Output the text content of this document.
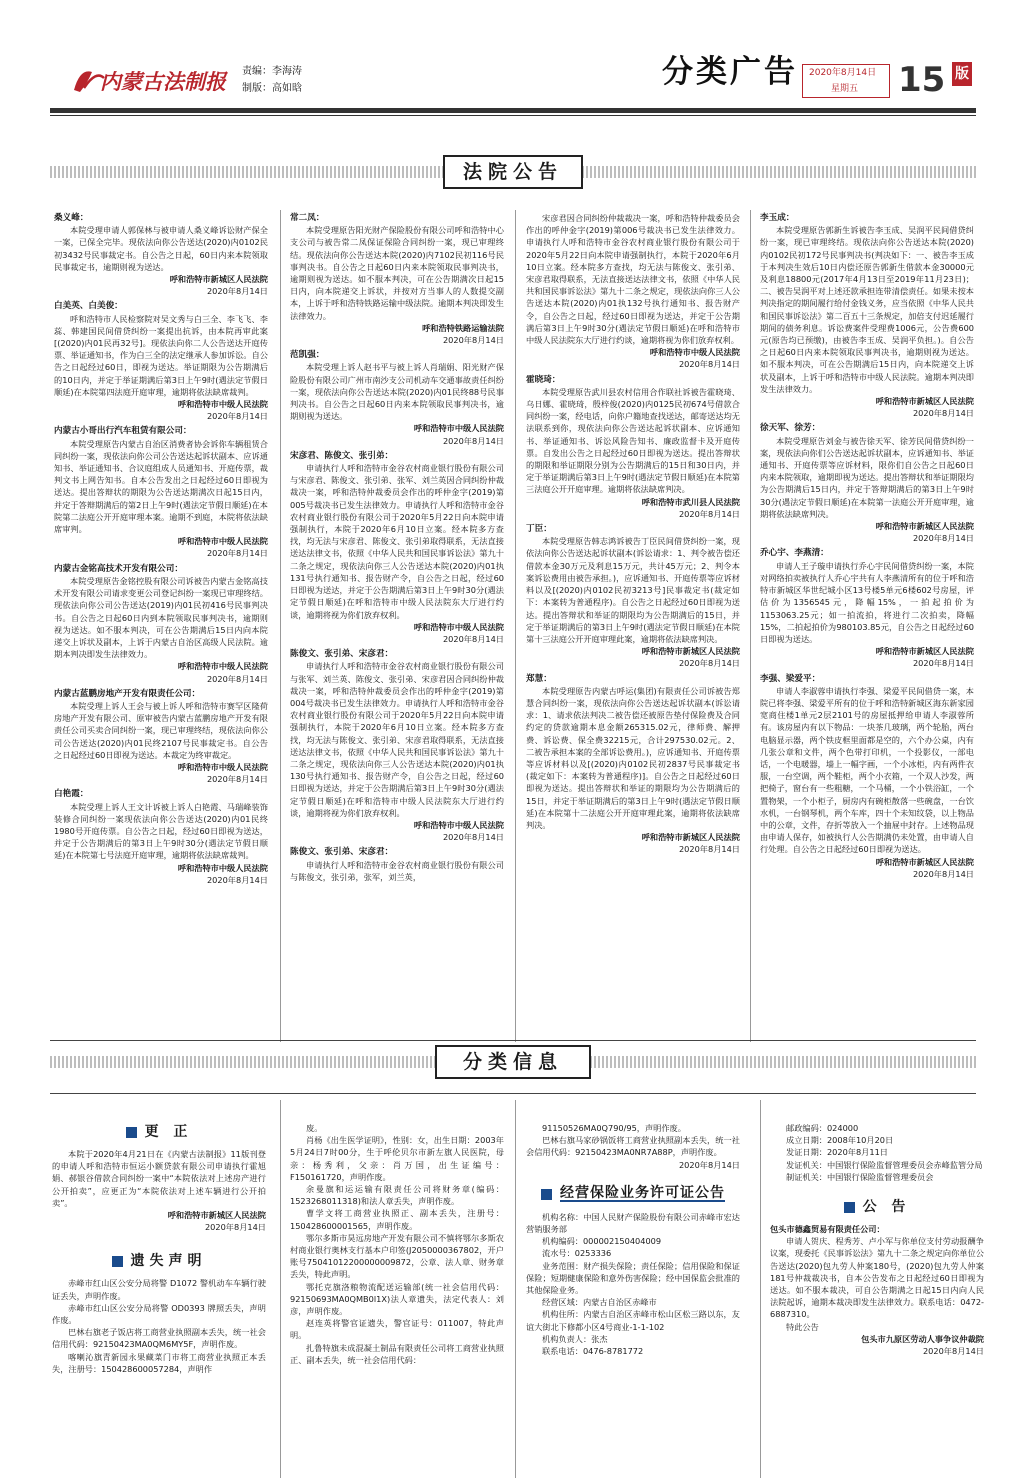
内蒙古法制报 责编：李海涛
制版：高如晗	分类广告 2020年8月14日
星期五 15 版
法院公告
桑义峰：
本院受理申请人郭保林与被申请人桑义峰诉讼财产保全一案，已保全完毕。现依法向你公告送达(2020)内0102民初3432号民事裁定书。自公告之日起，60日内来本院领取民事裁定书，逾期则视为送达。
呼和浩特市新城区人民法院
2020年8月14日
白美英、白美俊：
呼和浩特市人民检察院对吴文秀与白三全、李飞飞、李蕊、韩建国民间借贷纠纷一案提出抗诉，由本院再审此案[(2020)内01民再32号]。现依法向你二人公告送达开庭传票、举证通知书，作为白三全的法定继承人参加诉讼。自公告之日起经过60日，即视为送达。举证期限为公告期满后的10日内，并定于举证期满后第3日上午9时(遇法定节假日顺延)在本院第四法庭开庭审理，逾期将依法缺席裁判。
呼和浩特市中级人民法院
2020年8月14日
内蒙古小哥出行汽车租赁有限公司：
本院受理原告内蒙古自治区消费者协会诉你车辆租赁合同纠纷一案，现依法向你公司公告送达起诉状副本、应诉通知书、举证通知书、合议庭组成人员通知书、开庭传票，裁判文书上网告知书。自本公告发出之日起经过60日即视为送达。提出答辩状的期限为公告送达期满次日起15日内，并定于答辩期满后的第2日上午9时(遇法定节假日顺延)在本院第二法庭公开开庭审理本案。逾期不到庭，本院将依法缺席审判。
呼和浩特市中级人民法院
2020年8月14日
内蒙古金铭高技术开发有限公司：
本院受理原告金铭控股有限公司诉被告内蒙古金铭高技术开发有限公司请求变更公司登记纠纷一案现已审理终结。现依法向你公司公告送达(2019)内01民初416号民事判决书。自公告之日起60日内到本院领取民事判决书，逾期则视为送达。如不服本判决，可在公告期满后15日内向本院递交上诉状及副本，上诉于内蒙古自治区高级人民法院。逾期本判决即发生法律效力。
呼和浩特市中级人民法院
2020年8月14日
内蒙古蓝鹏房地产开发有限责任公司：
本院受理上诉人王会与被上诉人呼和浩特市赛罕区隆荷房地产开发有限公司、原审被告内蒙古蓝鹏房地产开发有限责任公司买卖合同纠纷一案，现已审理终结，现依法向你公司公告送达(2020)内01民终2107号民事裁定书。自公告之日起经过60日即视为送达。本裁定为终审裁定。
呼和浩特市中级人民法院
2020年8月14日
白艳霞：
本院受理上诉人王文计诉被上诉人白艳霞、马瑞峰装饰装修合同纠纷一案现依法向你公告送达(2020)内01民终1980号开庭传票。自公告之日起，经过60日即视为送达，并定于公告期满后的第3日上午9时30分(遇法定节假日顺延)在本院第七号法庭开庭审理，逾期将依法缺席裁判。
呼和浩特市中级人民法院
2020年8月14日
常二凤：
本院受理原告阳光财产保险股份有限公司呼和浩特中心支公司与被告常二凤保证保险合同纠纷一案，现已审理终结。现依法向你公告送达本院(2020)内7102民初116号民事判决书。自公告之日起60日内来本院领取民事判决书，逾期则视为送达。如不服本判决，可在公告期满次日起15日内，向本院递交上诉状，并按对方当事人的人数提交副本，上诉于呼和浩特铁路运输中级法院。逾期本判决即发生法律效力。
呼和浩特铁路运输法院
2020年8月14日
范凯强：
本院受理上诉人赵书平与被上诉人肖瑞娟、阳光财产保险股份有限公司广州市南沙支公司机动车交通事故责任纠纷一案，现依法向你公告送达本院(2020)内01民终88号民事判决书。自公告之日起60日内来本院领取民事判决书，逾期则视为送达。
呼和浩特市中级人民法院
2020年8月14日
宋彦君、陈俊文、张引弟：
申请执行人呼和浩特市金谷农村商业银行股份有限公司与宋彦君、陈俊文、张引弟、张军、刘兰英因合同纠纷仲裁裁决一案，呼和浩特仲裁委员会作出的呼仲金字(2019)第005号裁决书已发生法律效力。申请执行人呼和浩特市金谷农村商业银行股份有限公司于2020年5月22日向本院申请强制执行，本院于2020年6月10日立案。经本院多方查找，均无法与宋彦君、陈俊文、张引弟取得联系，无法直接送达法律文书，依照《中华人民共和国民事诉讼法》第九十二条之规定，现依法向你三人公告送达本院(2020)内01执131号执行通知书、报告财产令，自公告之日起，经过60日即视为送达，并定于公告期满后第3日上午9时30分(遇法定节假日顺延)在呼和浩特市中级人民法院东大厅进行约谈，逾期将视为你们放弃权利。
呼和浩特市中级人民法院
2020年8月14日
陈俊文、张引弟、宋彦君：
申请执行人呼和浩特市金谷农村商业银行股份有限公司与张军、刘兰英、陈俊文、张引弟、宋彦君因合同纠纷仲裁裁决一案，呼和浩特仲裁委员会作出的呼仲金字(2019)第004号裁决书已发生法律效力。申请执行人呼和浩特市金谷农村商业银行股份有限公司于2020年5月22日向本院申请强制执行，本院于2020年6月10日立案。经本院多方查找，均无法与陈俊文、张引弟、宋彦君取得联系，无法直接送达法律文书，依照《中华人民共和国民事诉讼法》第九十二条之规定，现依法向你三人公告送达本院(2020)内01执130号执行通知书、报告财产令，自公告之日起，经过60日即视为送达，并定于公告期满后第3日上午9时30分(遇法定节假日顺延)在呼和浩特市中级人民法院东大厅进行约谈，逾期将视为你们放弃权利。
呼和浩特市中级人民法院
2020年8月14日
陈俊文、张引弟、宋彦君：
申请执行人呼和浩特市金谷农村商业银行股份有限公司与陈俊文，张引弟，张军，刘兰英，
宋彦君因合同纠纷仲裁裁决一案，呼和浩特仲裁委员会作出的呼仲金字(2019)第006号裁决书已发生法律效力。申请执行人呼和浩特市金谷农村商业银行股份有限公司于2020年5月22日向本院申请强制执行，本院于2020年6月10日立案。经本院多方查找，均无法与陈俊文、张引弟、宋彦君取得联系，无法直接送达法律文书，依照《中华人民共和国民事诉讼法》第九十二条之规定，现依法向你三人公告送达本院(2020)内01执132号执行通知书、报告财产令，自公告之日起，经过60日即视为送达，并定于公告期满后第3日上午9时30分(遇法定节假日顺延)在呼和浩特市中级人民法院东大厅进行约谈，逾期将视为你们放弃权利。
呼和浩特市中级人民法院
2020年8月14日
霍晓琦：
本院受理原告武川县农村信用合作联社诉被告霍晓琦、乌日娜、霍晓琦，殷梓俊(2020)内0125民初674号借款合同纠纷一案，经电话，向你户籍地查找送达，邮寄送达均无法联系到你，现依法向你公告送达起诉状副本、应诉通知书、举证通知书、诉讼风险告知书、廉政监督卡及开庭传票。自发出公告之日起经过60日即视为送达。提出答辩状的期限和举证期限分别为公告期满后的15日和30日内，并定于举证期满后第3日上午9时(遇法定节假日顺延)在本院第三法庭公开开庭审理。逾期将依法缺席判决。
呼和浩特市武川县人民法院
2020年8月14日
丁臣：
本院受理原告韩志鸿诉被告丁臣民间借贷纠纷一案，现依法向你公告送达起诉状副本(诉讼请求：1、判令被告偿还借款本金30万元及利息15万元，共计45万元；2、判令本案诉讼费用由被告承担。)，应诉通知书、开庭传票等应诉材料以及[(2020)内0102民初3213号]民事裁定书(裁定如下：本案转为普通程序)。自公告之日起经过60日即视为送达。提出答辩状和举证的期限均为公告期满后的15日，并定于举证期满后的第3日上午9时(遇法定节假日顺延)在本院第十三法庭公开开庭审理此案，逾期将依法缺席判决。
呼和浩特市新城区人民法院
2020年8月14日
郑慧：
本院受理原告内蒙古呼运(集团)有限责任公司诉被告郑慧合同纠纷一案，现依法向你公告送达起诉状副本(诉讼请求：1、请求依法判决二被告偿还被原告垫付保险费及合同约定的贷款逾期本息金额265315.02元，律师费、解押费、诉讼费、保全费32215元，合计297530.02元。2、二被告承担本案的全部诉讼费用。)，应诉通知书、开庭传票等应诉材料以及[(2020)内0102民初2837号民事裁定书(裁定如下：本案转为普通程序)]。自公告之日起经过60日即视为送达。提出答辩状和举证的期限均为公告期满后的15日，并定于举证期满后的第3日上午9时(遇法定节假日顺延)在本院第十二法庭公开开庭审理此案，逾期将依法缺席判决。
呼和浩特市新城区人民法院
2020年8月14日
李玉成：
本院受理原告郭新生诉被告李玉成、吴润平民间借贷纠纷一案，现已审理终结。现依法向你公告送达本院(2020)内0102民初172号民事判决书(判决如下：一、被告李玉成于本判决生效后10日内偿还原告郭新生借款本金30000元及利息18800元(2017年4月13日至2019年11月23日)；二、被告吴润平对上述还款承担连带清偿责任。如果未按本判决指定的期间履行给付金钱义务，应当依照《中华人民共和国民事诉讼法》第二百五十三条规定，加倍支付迟延履行期间的债务利息。诉讼费案件受理费1006元，公告费600元(原告均已预缴)，由被告李玉成、吴润平负担。)。自公告之日起60日内来本院领取民事判决书，逾期则视为送达。如不服本判决，可在公告期满后15日内，向本院递交上诉状及副本，上诉于呼和浩特市中级人民法院。逾期本判决即发生法律效力。
呼和浩特市新城区人民法院
2020年8月14日
徐天军、徐芳：
本院受理原告刘金与被告徐天军、徐芳民间借贷纠纷一案，现依法向你们公告送达起诉状副本，应诉通知书、举证通知书、开庭传票等应诉材料，限你们自公告之日起60日内来本院领取，逾期即视为送达。提出答辩状和举证期限均为公告期满后15日内，并定于答辩期满后的第3日上午9时30分(遇法定节假日顺延)在本院第一法庭公开开庭审理，逾期将依法缺席判决。
呼和浩特市新城区人民法院
2020年8月14日
乔心宇、李燕清：
申请人王子璇申请执行乔心宇民间借贷纠纷一案，本院对网络拍卖被执行人乔心宇共有人李燕清所有的位于呼和浩特市新城区华世纪城小区13号楼5单元6楼602号房屋，评估价为1356545元，降幅15%，一拍起拍价为1153063.25元；如一拍流拍，将进行二次拍卖，降幅15%，二拍起拍价为980103.85元，自公告之日起经过60日即视为送达。
呼和浩特市新城区人民法院
2020年8月14日
李强、梁爱平：
申请人李淑蓉申请执行李强、梁爱平民间借贷一案，本院已将李强、梁爱平所有的位于呼和浩特新城区海东新家园宽商住楼1单元2层2101号的房屋抵押给申请人李淑蓉所有。该房屋内有以下物品：一块茶几玻璃，两个轮胎，两台电脑显示器，两个铁皮框里面都是空的，六个办公桌，内有几张公章和文件，两个色带打印机，一个投影仪，一部电话，一个电暖器，墙上一幅字画，一个小冰柜，内有两件衣服，一台空调，两个鞋柜，两个小衣箱，一个双人沙发，两把椅子，窗台有一些粗糖，一个马桶，一个小铁浴缸，一个置物架，一个小柜子，厨房内有碗柜散落一些碗盘，一台饮水机，一台钢琴机，两个车库，四十个未知纹袋，以上物品中的公章，文件，存折等放入一个抽屉中封存。上述物品现由申请人保存，如被执行人公告期满仍未处置，由申请人自行处理。自公告之日起经过60日即视为送达。
呼和浩特市新城区人民法院
2020年8月14日
分类信息
更 正
本院于2020年4月21日在《内蒙古法制报》11版刊登的申请人呼和浩特市恒运小额贷款有限公司申请执行霍旭娟、郝银谷借款合同纠纷一案中“本院依法对上述房产进行公开拍卖”，应更正为“本院依法对上述车辆进行公开拍卖”。
呼和浩特市新城区人民法院
2020年8月14日
遗失声明
赤峰市红山区公安分局将警 D1072 警机动车车辆行驶证丢失，声明作废。
赤峰市红山区公安分局将警 OD0393 牌照丢失，声明作废。
巴林右旗老子饭店将工商营业执照副本丢失，统一社会信用代码：92150423MA0QM6MY5F，声明作废。
喀喇沁旗青新园永果藏菜门市将工商营业执照正本丢失，注册号：150428600057284，声明作
废。
肖杨《出生医学证明》，性别：女，出生日期：2003年5月24日7时00分，生于呼伦贝尔市新左旗人民医院，母亲：杨秀利，父亲：肖万国，出生证编号：F150161720，声明作废。
余曼旗和运运输有限责任公司将财务章(编码：1523268011318)和法人章丢失，声明作废。
曹学文将工商营业执照正、副本丢失，注册号：150428600001565，声明作废。
鄂尔多斯市昊远房地产开发有限公司不慎将鄂尔多斯农村商业银行奥林支行基本户印签(J2050000367802，开户账号75041012200000009872，公章、法人章、财务章丢失，特此声明。
鄂托克旗洛粮物流配送运输部(统一社会信用代码：92150693MA0QMB0l1X)法人章遗失，法定代表人：刘彦，声明作废。
赵连英将警官证遗失，警官证号：011007，特此声明。
扎鲁特旗未成混凝土制品有限责任公司将工商营业执照正、副本丢失，统一社会信用代码：
91150526MA0Q790/95，声明作废。
巴林右旗马家砂锅饭将工商营业执照副本丢失，统一社会信用代码：92150423MA0NR7A88P，声明作废。
2020年8月14日
经营保险业务许可证公告
机构名称：中国人民财产保险股份有限公司赤峰市宏达营销服务部
机构编码：000002150404009
流水号：0253336
业务范围：财产损失保险；责任保险；信用保险和保证保险；短期健康保险和意外伤害保险；经中国保监会批准的其他保险业务。
经营区域：内蒙古自治区赤峰市
机构住所：内蒙古自治区赤峰市松山区松三路以东，友谊大街北下修都小区4号商业-1-1-102
机构负责人：张杰
联系电话：0476-8781772
邮政编码：024000
成立日期：2008年10月20日
发证日期：2020年8月11日
发证机关：中国银行保险监督管理委员会赤峰监管分局
制证机关：中国银行保险监督管理委员会
公 告
包头市德鑫贸易有限责任公司：
申请人贺庆、程秀芳、卢小军与你单位支付劳动报酬争议案，现委托《民事诉讼法》第九十二条之规定向你单位公告送达(2020)包九劳人仲案180号，(2020)包九劳人仲案181号仲裁裁决书，自本公告发布之日起经过60日即视为送达。如不服本裁决，可自公告期满之日起15日内向人民法院起诉，逾期本裁决即发生法律效力。联系电话：0472-6887310。
特此公告
包头市九原区劳动人事争议仲裁院
2020年8月14日
